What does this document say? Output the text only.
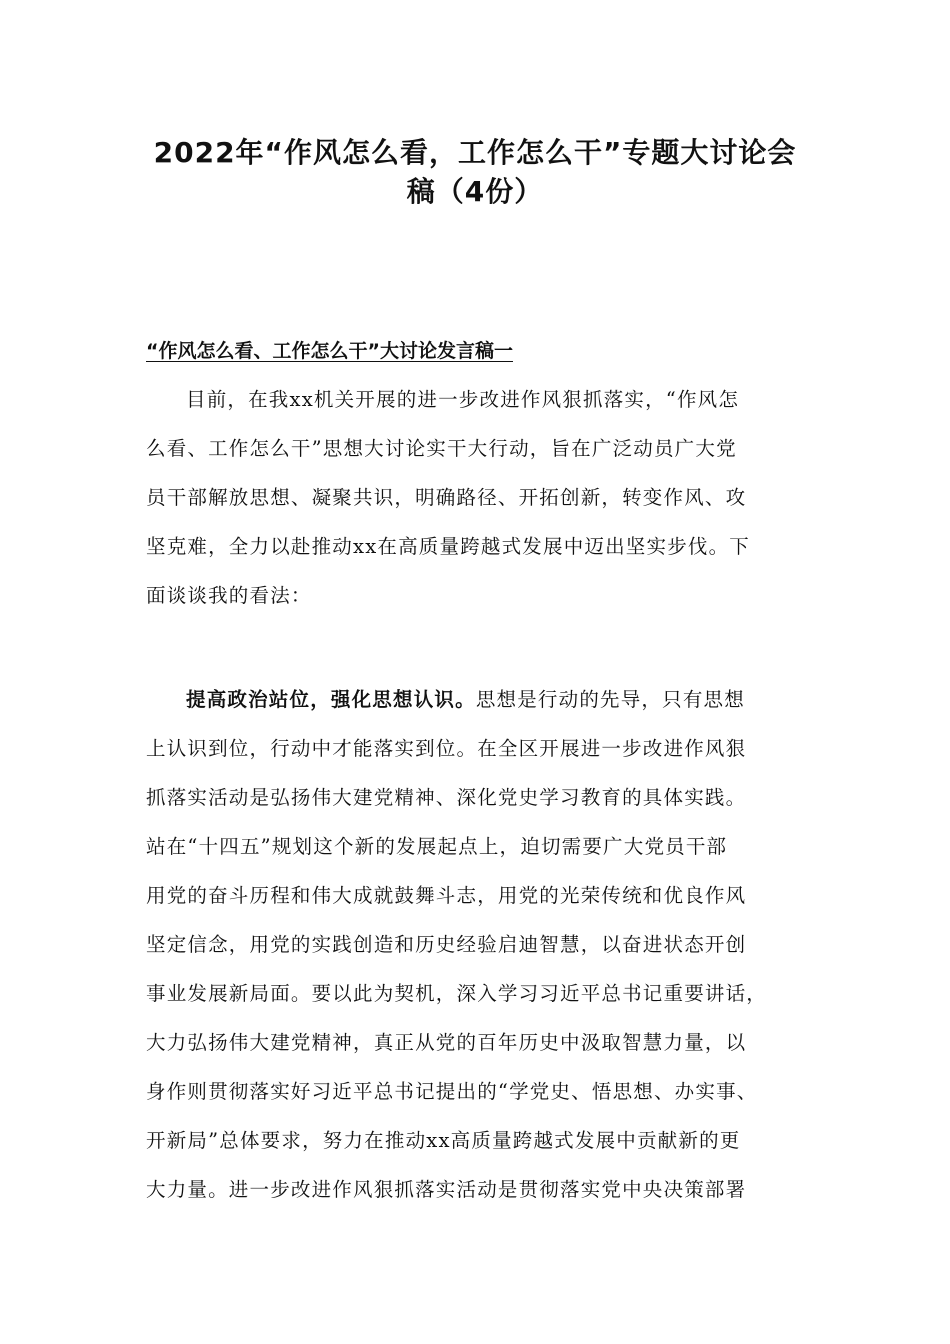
2022年“作风怎么看，工作怎么干”专题大讨论会
稿（4份）
“作风怎么看、工作怎么干”大讨论发言稿一
目前，在我xx机关开展的进一步改进作风狠抓落实，“作风怎
么看、工作怎么干”思想大讨论实干大行动，旨在广泛动员广大党
员干部解放思想、凝聚共识，明确路径、开拓创新，转变作风、攻
坚克难，全力以赴推动xx在高质量跨越式发展中迈出坚实步伐。下
面谈谈我的看法：
提高政治站位，强化思想认识。思想是行动的先导，只有思想
上认识到位，行动中才能落实到位。在全区开展进一步改进作风狠
抓落实活动是弘扬伟大建党精神、深化党史学习教育的具体实践。
站在“十四五”规划这个新的发展起点上，迫切需要广大党员干部
用党的奋斗历程和伟大成就鼓舞斗志，用党的光荣传统和优良作风
坚定信念，用党的实践创造和历史经验启迪智慧，以奋进状态开创
事业发展新局面。要以此为契机，深入学习习近平总书记重要讲话，
大力弘扬伟大建党精神，真正从党的百年历史中汲取智慧力量，以
身作则贯彻落实好习近平总书记提出的“学党史、悟思想、办实事、
开新局”总体要求，努力在推动xx高质量跨越式发展中贡献新的更
大力量。进一步改进作风狠抓落实活动是贯彻落实党中央决策部署
